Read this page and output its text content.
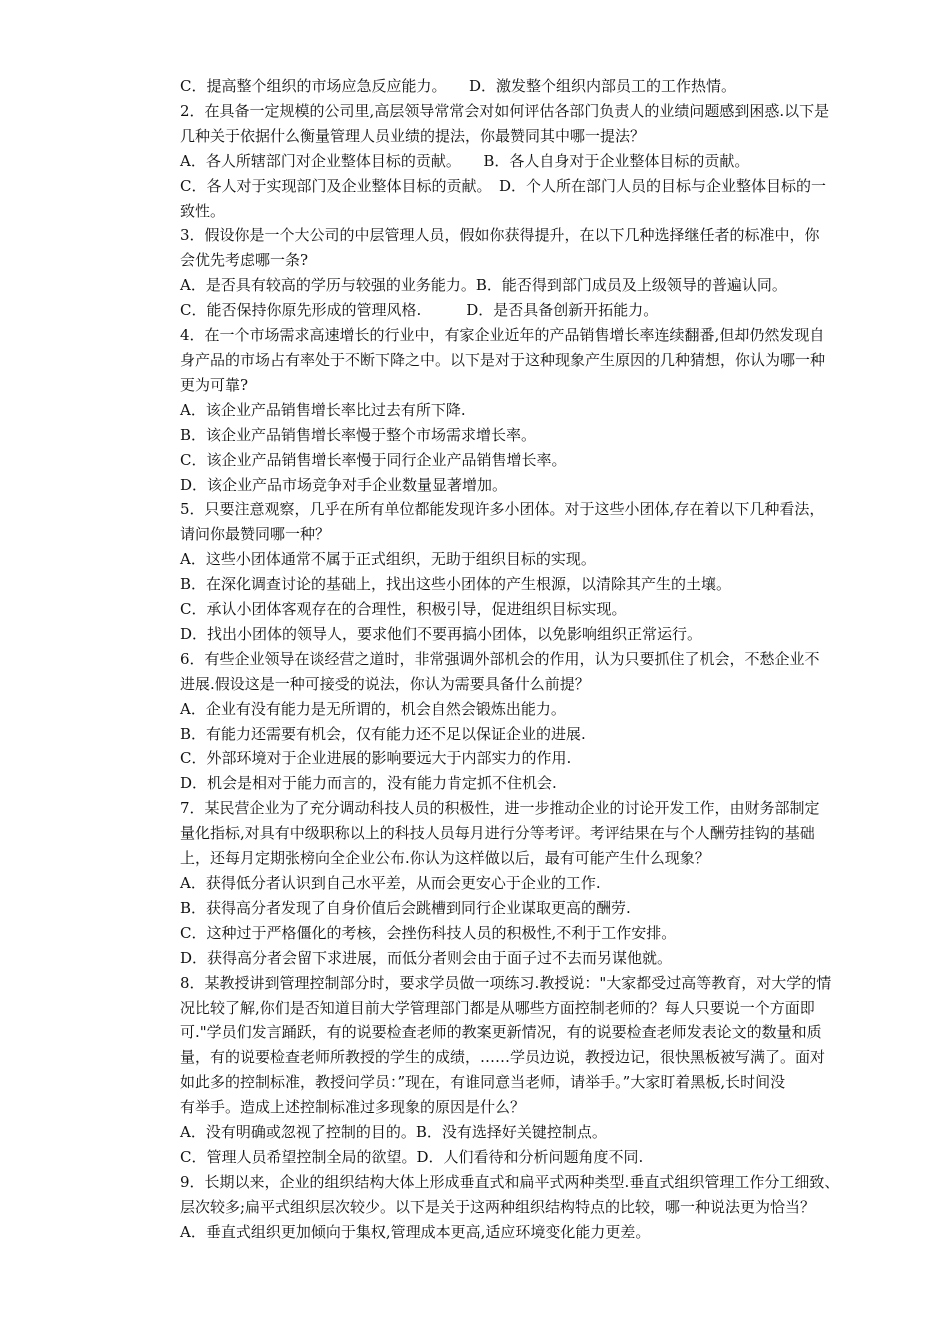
C．提高整个组织的市场应急反应能力。　　D．激发整个组织内部员工的工作热情。
2．在具备一定规模的公司里,高层领导常常会对如何评估各部门负责人的业绩问题感到困惑.以下是
几种关于依据什么衡量管理人员业绩的提法，你最赞同其中哪一提法？
A．各人所辖部门对企业整体目标的贡献。　　B．各人自身对于企业整体目标的贡献。
C．各人对于实现部门及企业整体目标的贡献。　D．个人所在部门人员的目标与企业整体目标的一
致性。
3．假设你是一个大公司的中层管理人员，假如你获得提升，在以下几种选择继任者的标准中，你
会优先考虑哪一条?
A．是否具有较高的学历与较强的业务能力。B．能否得到部门成员及上级领导的普遍认同。
C．能否保持你原先形成的管理风格.　　　D．是否具备创新开拓能力。
4．在一个市场需求高速增长的行业中，有家企业近年的产品销售增长率连续翻番,但却仍然发现自
身产品的市场占有率处于不断下降之中。以下是对于这种现象产生原因的几种猜想，你认为哪一种
更为可靠?
A．该企业产品销售增长率比过去有所下降.
B．该企业产品销售增长率慢于整个市场需求增长率。
C．该企业产品销售增长率慢于同行企业产品销售增长率。
D．该企业产品市场竞争对手企业数量显著增加。
5．只要注意观察，几乎在所有单位都能发现许多小团体。对于这些小团体,存在着以下几种看法，
请问你最赞同哪一种？
A．这些小团体通常不属于正式组织，无助于组织目标的实现。
B．在深化调查讨论的基础上，找出这些小团体的产生根源，以清除其产生的土壤。
C．承认小团体客观存在的合理性，积极引导，促进组织目标实现。
D．找出小团体的领导人，要求他们不要再搞小团体，以免影响组织正常运行。
6．有些企业领导在谈经营之道时，非常强调外部机会的作用，认为只要抓住了机会，不愁企业不
进展.假设这是一种可接受的说法，你认为需要具备什么前提？
A．企业有没有能力是无所谓的，机会自然会锻炼出能力。
B．有能力还需要有机会，仅有能力还不足以保证企业的进展.
C．外部环境对于企业进展的影响要远大于内部实力的作用.
D．机会是相对于能力而言的，没有能力肯定抓不住机会.
7．某民营企业为了充分调动科技人员的积极性，进一步推动企业的讨论开发工作，由财务部制定
量化指标,对具有中级职称以上的科技人员每月进行分等考评。考评结果在与个人酬劳挂钩的基础
上，还每月定期张榜向全企业公布.你认为这样做以后，最有可能产生什么现象？
A．获得低分者认识到自己水平差，从而会更安心于企业的工作.
B．获得高分者发现了自身价值后会跳槽到同行企业谋取更高的酬劳.
C．这种过于严格僵化的考核，会挫伤科技人员的积极性,不利于工作安排。
D．获得高分者会留下求进展，而低分者则会由于面子过不去而另谋他就。
8．某教授讲到管理控制部分时，要求学员做一项练习.教授说："大家都受过高等教育，对大学的情
况比较了解,你们是否知道目前大学管理部门都是从哪些方面控制老师的？每人只要说一个方面即
可."学员们发言踊跃，有的说要检查老师的教案更新情况，有的说要检查老师发表论文的数量和质
量，有的说要检查老师所教授的学生的成绩，……学员边说，教授边记，很快黑板被写满了。面对
如此多的控制标准，教授问学员：”现在，有谁同意当老师，请举手。”大家盯着黑板,长时间没
有举手。造成上述控制标准过多现象的原因是什么？
A．没有明确或忽视了控制的目的。B．没有选择好关键控制点。
C．管理人员希望控制全局的欲望。D．人们看待和分析问题角度不同.
9．长期以来，企业的组织结构大体上形成垂直式和扁平式两种类型.垂直式组织管理工作分工细致、
层次较多;扁平式组织层次较少。以下是关于这两种组织结构特点的比较，哪一种说法更为恰当？
A．垂直式组织更加倾向于集权,管理成本更高,适应环境变化能力更差。
